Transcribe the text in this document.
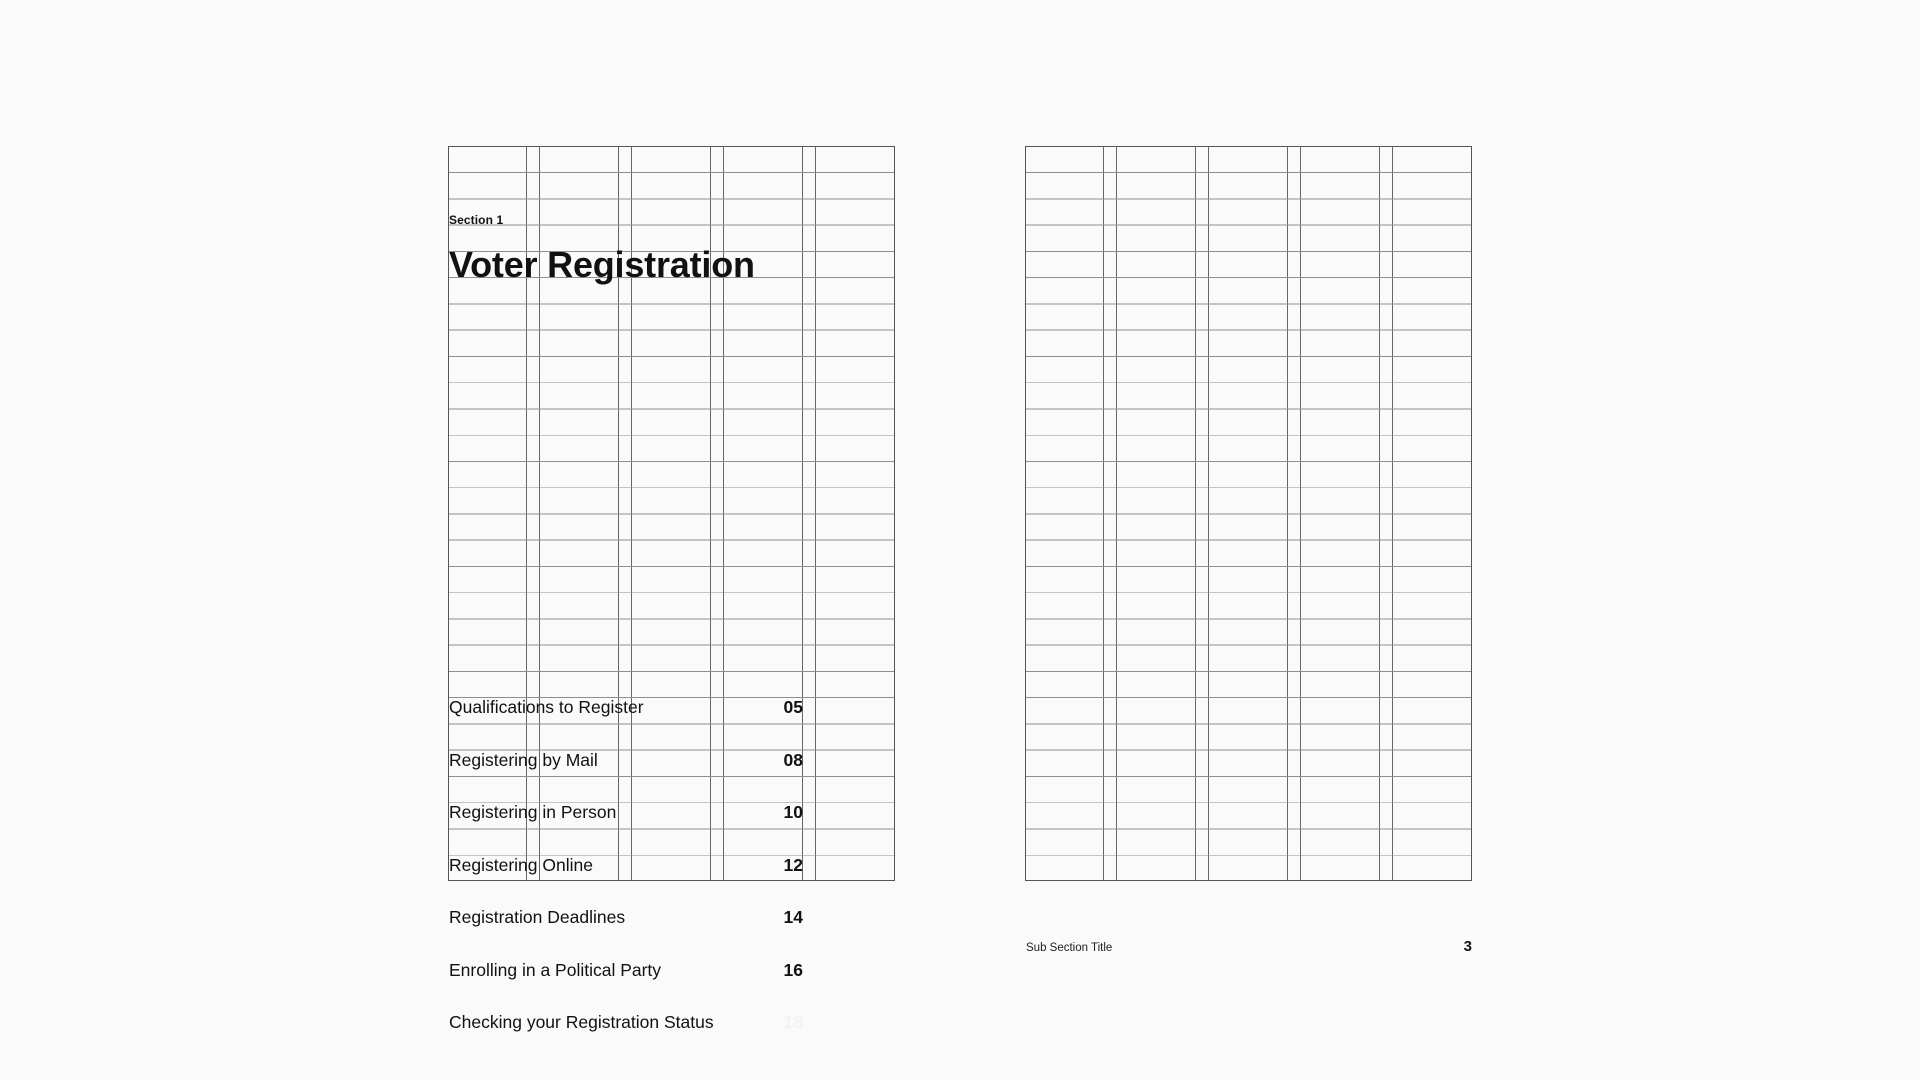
Section 1
Voter Registration
Qualifications to Register	05
Registering by Mail	08
Registering in Person	10
Registering Online	12
Registration Deadlines	14
Enrolling in a Political Party	16
Checking your Registration Status	18
Sub Section Title	3
